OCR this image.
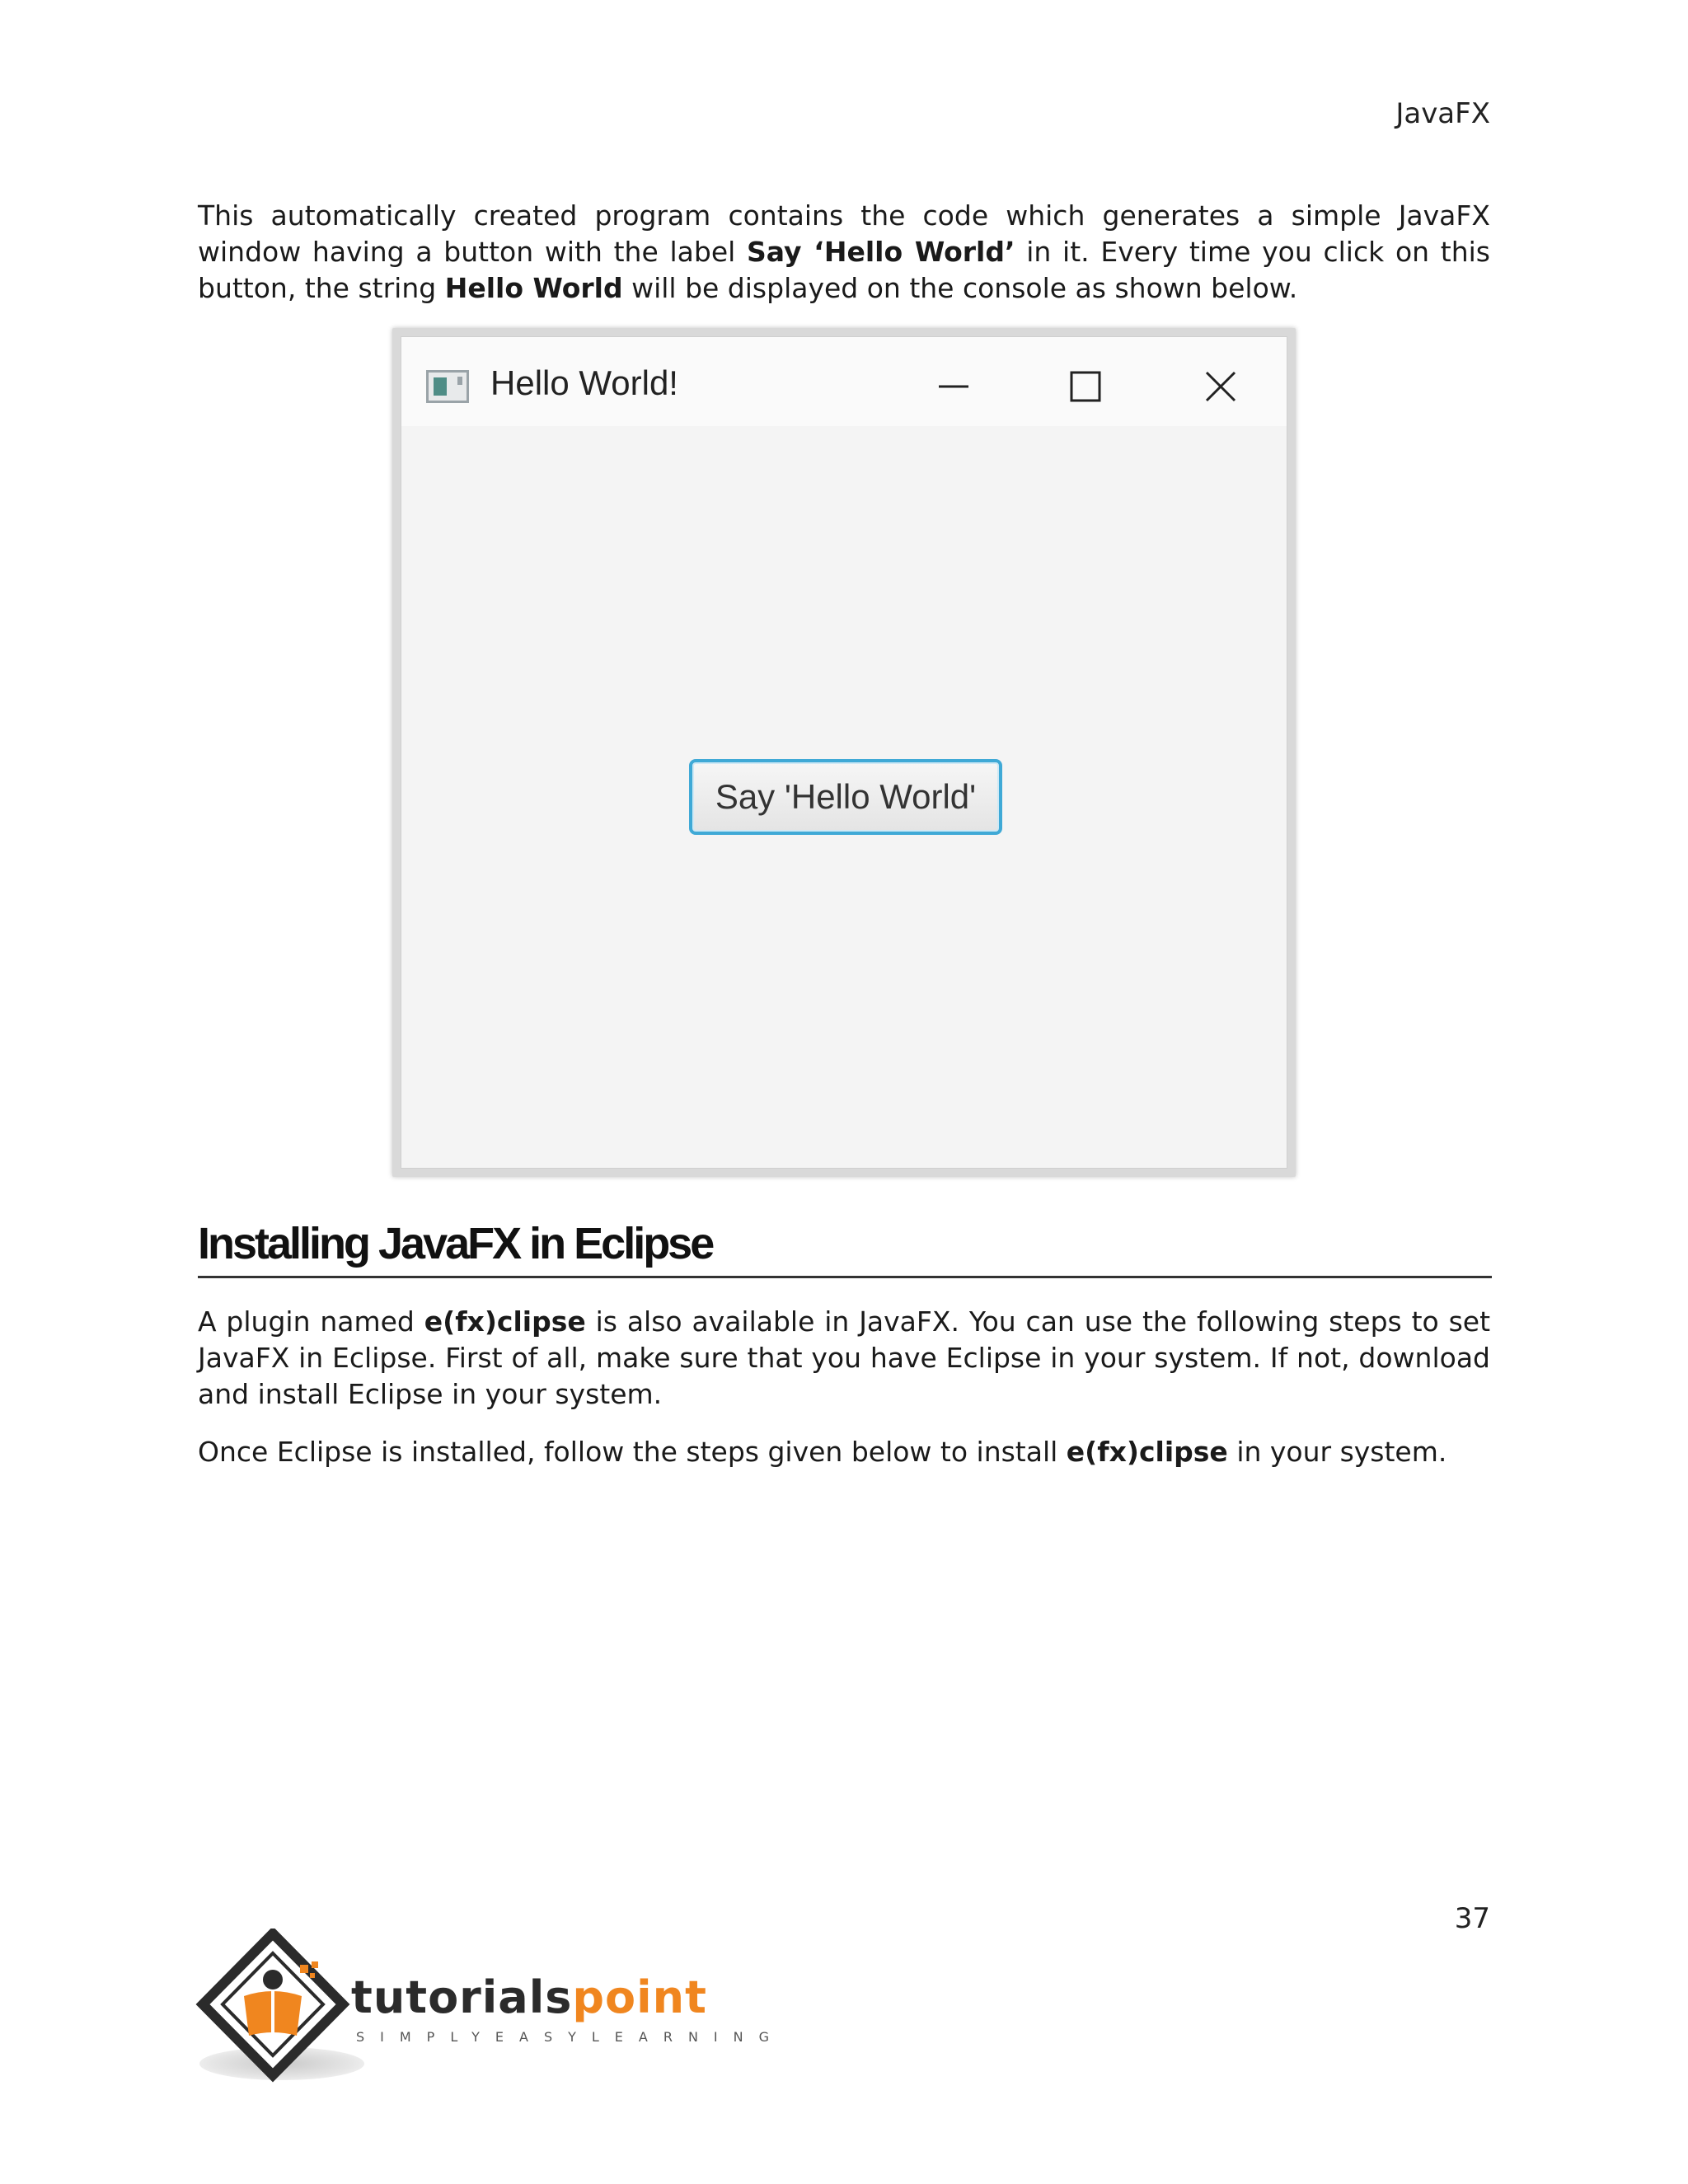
JavaFX

This automatically created program contains the code which generates a simple JavaFX window having a button with the label Say ‘Hello World’ in it. Every time you click on this button, the string Hello World will be displayed on the console as shown below.

Hello World!
Say 'Hello World'
Installing JavaFX in Eclipse

A plugin named e(fx)clipse is also available in JavaFX. You can use the following steps to set JavaFX in Eclipse. First of all, make sure that you have Eclipse in your system. If not, download and install Eclipse in your system.

Once Eclipse is installed, follow the steps given below to install e(fx)clipse in your system.

37
tutorialspoint
SIMPLYEASYLEARNING
